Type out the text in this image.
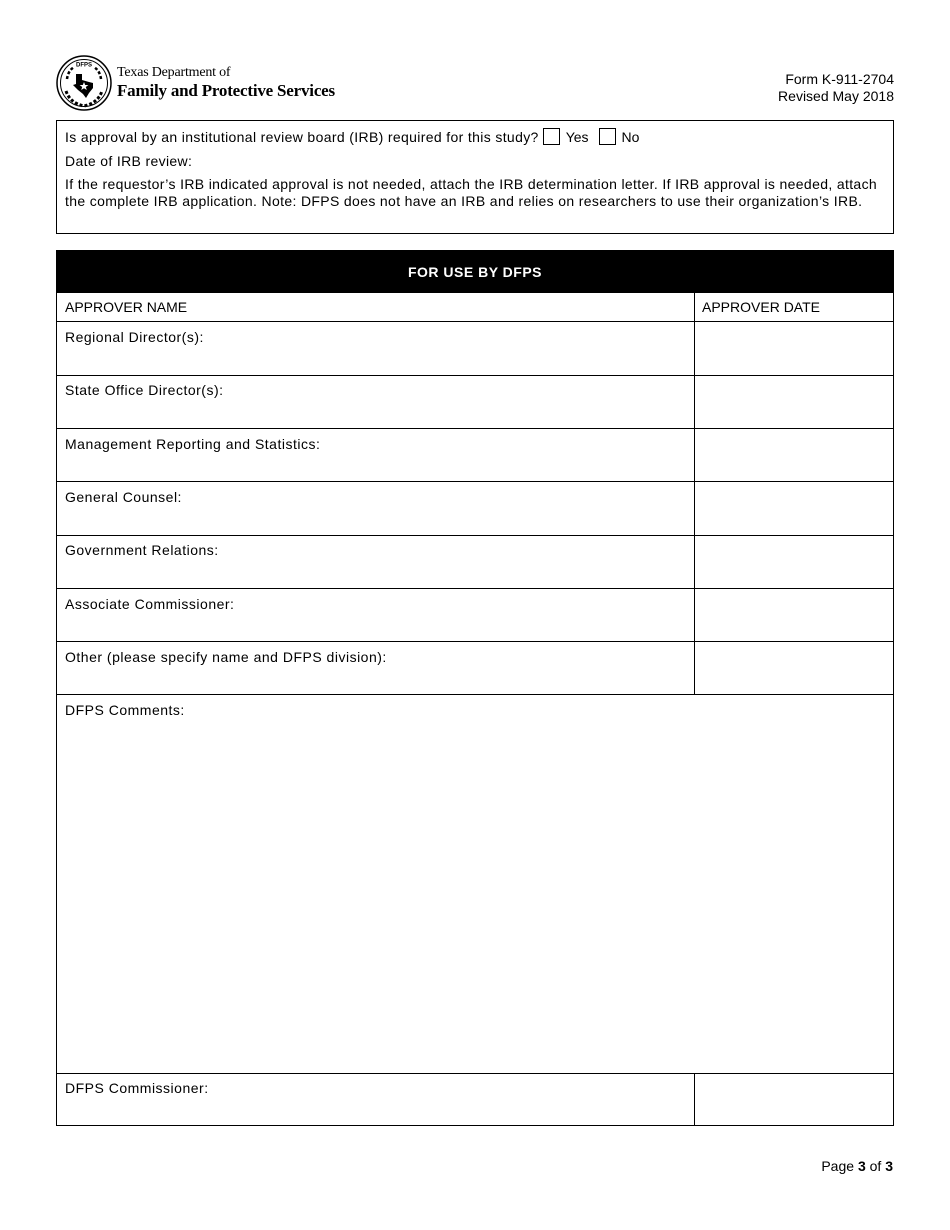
DFPS Texas Department of
Family and Protective Services
Form K-911-2704
Revised May 2018
Is approval by an institutional review board (IRB) required for this study? Yes No
Date of IRB review:
If the requestor’s IRB indicated approval is not needed, attach the IRB determination letter. If IRB approval is needed, attach the complete IRB application. Note: DFPS does not have an IRB and relies on researchers to use their organization’s IRB.
FOR USE BY DFPS
APPROVER NAME	APPROVER DATE
Regional Director(s):
State Office Director(s):
Management Reporting and Statistics:
General Counsel:
Government Relations:
Associate Commissioner:
Other (please specify name and DFPS division):
DFPS Comments:
DFPS Commissioner:
Page 3 of 3
